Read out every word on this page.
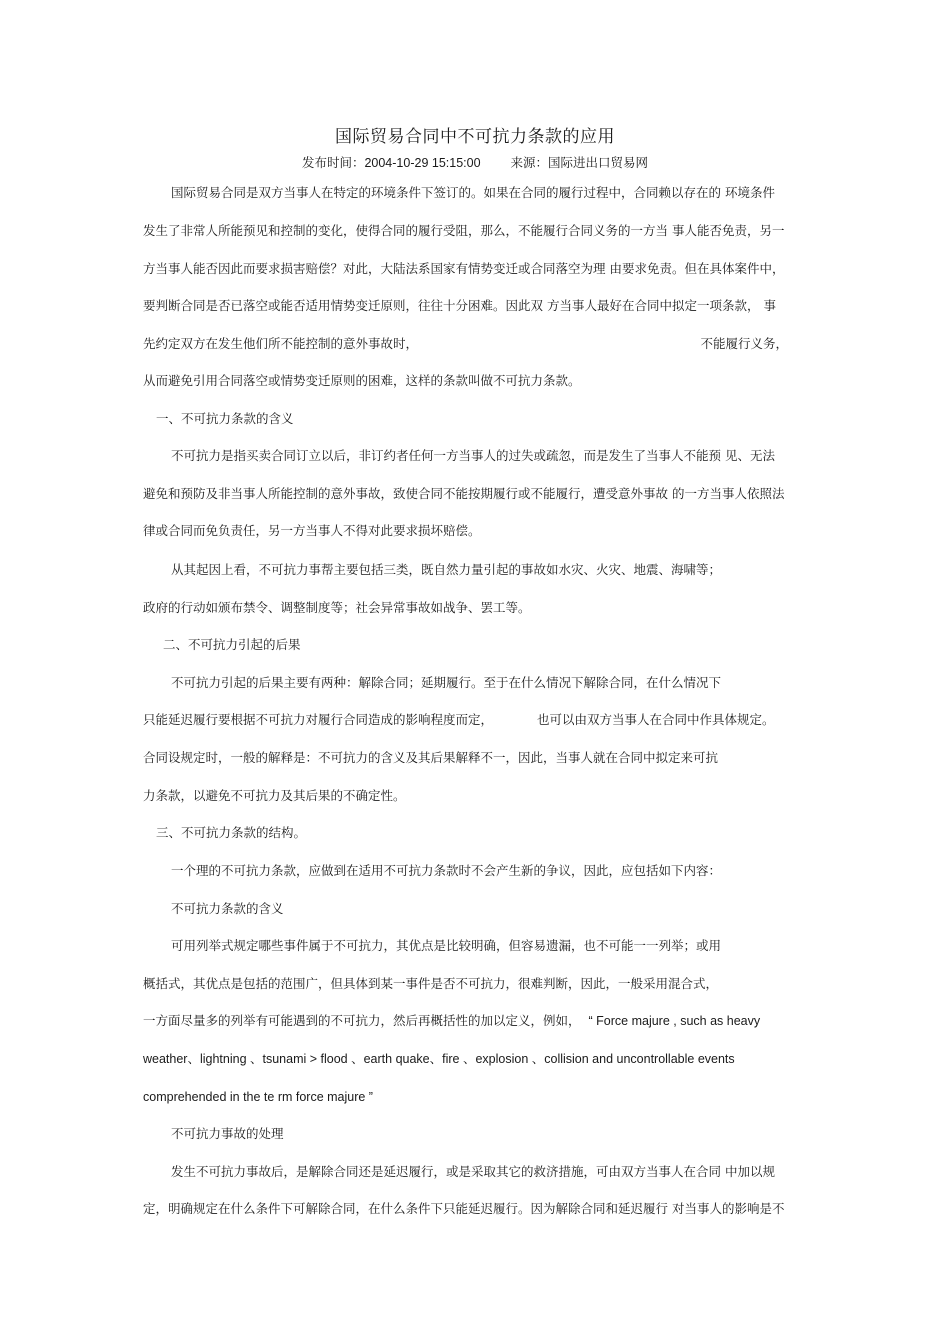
国际贸易合同中不可抗力条款的应用
发布时间：2004-10-29 15:15:00 来源：国际进出口贸易网
国际贸易合同是双方当事人在特定的环境条件下签订的。如果在合同的履行过程中，合同赖以存在的 环境条件
发生了非常人所能预见和控制的变化，使得合同的履行受阻，那么，不能履行合同义务的一方当 事人能否免责，另一
方当事人能否因此而要求损害赔偿？对此，大陆法系国家有情势变迁或合同落空为理 由要求免责。但在具体案件中，
要判断合同是否已落空或能否适用情势变迁原则，往往十分困难。因此双 方当事人最好在合同中拟定一项条款， 事
先约定双方在发生他们所不能控制的意外事故时，	不能履行义务，
从而避免引用合同落空或情势变迁原则的困难，这样的条款叫做不可抗力条款。
一、不可抗力条款的含义
不可抗力是指买卖合同订立以后，非订约者任何一方当事人的过失或疏忽，而是发生了当事人不能预 见、无法
避免和预防及非当事人所能控制的意外事故，致使合同不能按期履行或不能履行，遭受意外事故 的一方当事人依照法
律或合同而免负责任，另一方当事人不得对此要求损坏赔偿。
从其起因上看，不可抗力事帮主要包括三类，既自然力量引起的事故如水灾、火灾、地震、海啸等；
政府的行动如颁布禁令、调整制度等；社会异常事故如战争、罢工等。
二、不可抗力引起的后果
不可抗力引起的后果主要有两种：解除合同；延期履行。至于在什么情况下解除合同，在什么情况下
只能延迟履行要根据不可抗力对履行合同造成的影响程度而定，	也可以由双方当事人在合同中作具体规定。
合同设规定时，一般的解释是：不可抗力的含义及其后果解释不一，因此，当事人就在合同中拟定来可抗
力条款，以避免不可抗力及其后果的不确定性。
三、不可抗力条款的结构。
一个理的不可抗力条款，应做到在适用不可抗力条款时不会产生新的争议，因此，应包括如下内容：
不可抗力条款的含义
可用列举式规定哪些事件属于不可抗力，其优点是比较明确，但容易遗漏，也不可能一一列举；或用
概括式，其优点是包括的范围广，但具体到某一事件是否不可抗力，很难判断，因此，一般采用混合式，
一方面尽量多的列举有可能遇到的不可抗力，然后再概括性的加以定义，例如， “ Force majure , such as heavy
weather、lightning 、tsunami > flood 、earth quake、fire 、explosion 、collision and uncontrollable events
comprehended in the te rm force majure ”
不可抗力事故的处理
发生不可抗力事故后，是解除合同还是延迟履行，或是采取其它的救济措施，可由双方当事人在合同 中加以规
定，明确规定在什么条件下可解除合同，在什么条件下只能延迟履行。因为解除合同和延迟履行 对当事人的影响是不
